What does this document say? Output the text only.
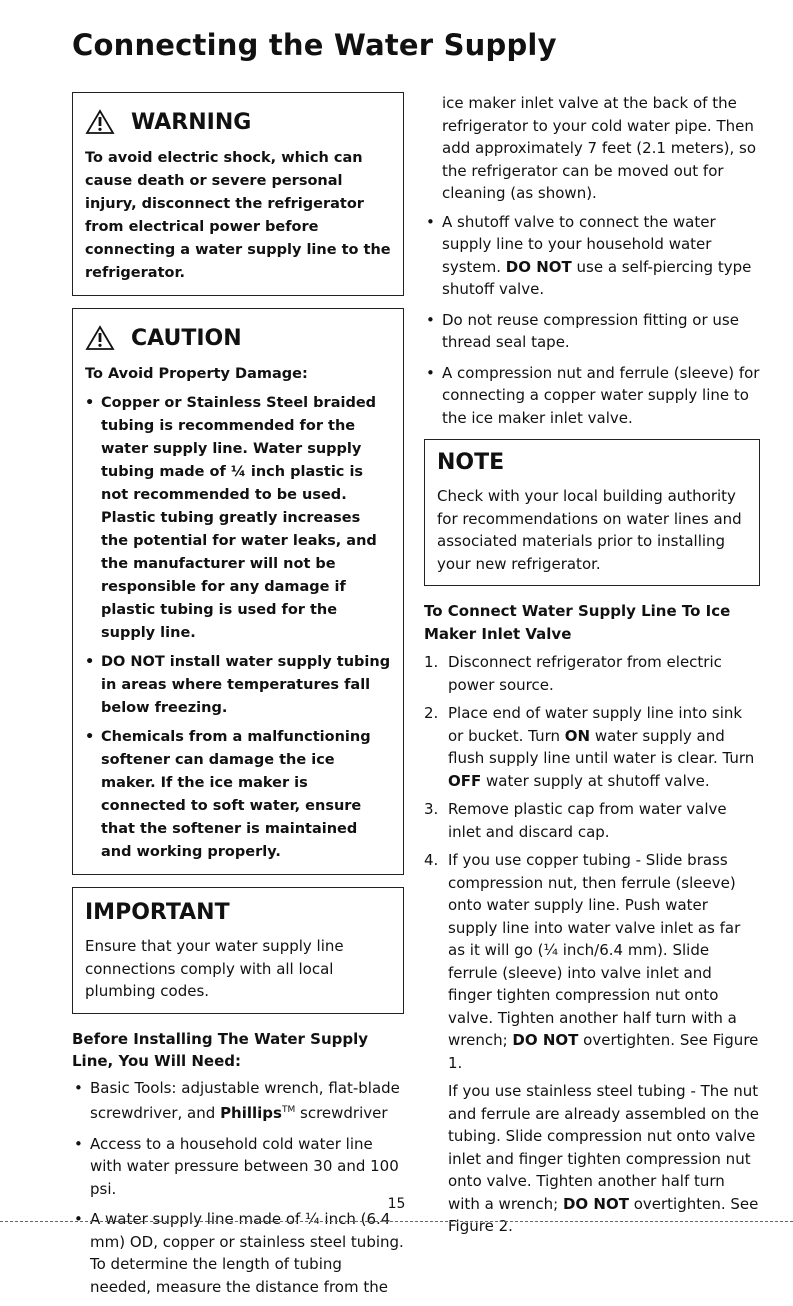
Connecting the Water Supply
WARNING
To avoid electric shock, which can cause death or severe personal injury, disconnect the refrigerator from electrical power before connecting a water supply line to the refrigerator.
CAUTION
To Avoid Property Damage:
• Copper or Stainless Steel braided tubing is recommended for the water supply line. Water supply tubing made of ¼ inch plastic is not recommended to be used. Plastic tubing greatly increases the potential for water leaks, and the manufacturer will not be responsible for any damage if plastic tubing is used for the supply line.
• DO NOT install water supply tubing in areas where temperatures fall below freezing.
• Chemicals from a malfunctioning softener can damage the ice maker. If the ice maker is connected to soft water, ensure that the softener is maintained and working properly.
IMPORTANT
Ensure that your water supply line connections comply with all local plumbing codes.
Before Installing The Water Supply Line, You Will Need:
• Basic Tools: adjustable wrench, flat-blade screwdriver, and Phillips™ screwdriver
• Access to a household cold water line with water pressure between 30 and 100 psi.
• A water supply line made of ¼ inch (6.4 mm) OD, copper or stainless steel tubing. To determine the length of tubing needed, measure the distance from the
ice maker inlet valve at the back of the refrigerator to your cold water pipe. Then add approximately 7 feet (2.1 meters), so the refrigerator can be moved out for cleaning (as shown).
• A shutoff valve to connect the water supply line to your household water system. DO NOT use a self-piercing type shutoff valve.
• Do not reuse compression fitting or use thread seal tape.
• A compression nut and ferrule (sleeve) for connecting a copper water supply line to the ice maker inlet valve.
NOTE
Check with your local building authority for recommendations on water lines and associated materials prior to installing your new refrigerator.
To Connect Water Supply Line To Ice Maker Inlet Valve
1. Disconnect refrigerator from electric power source.
2. Place end of water supply line into sink or bucket. Turn ON water supply and flush supply line until water is clear. Turn OFF water supply at shutoff valve.
3. Remove plastic cap from water valve inlet and discard cap.
4. If you use copper tubing - Slide brass compression nut, then ferrule (sleeve) onto water supply line. Push water supply line into water valve inlet as far as it will go (¼ inch/6.4 mm). Slide ferrule (sleeve) into valve inlet and finger tighten compression nut onto valve. Tighten another half turn with a wrench; DO NOT overtighten. See Figure 1.
If you use stainless steel tubing - The nut and ferrule are already assembled on the tubing. Slide compression nut onto valve inlet and finger tighten compression nut onto valve. Tighten another half turn with a wrench; DO NOT overtighten. See Figure 2.
15
